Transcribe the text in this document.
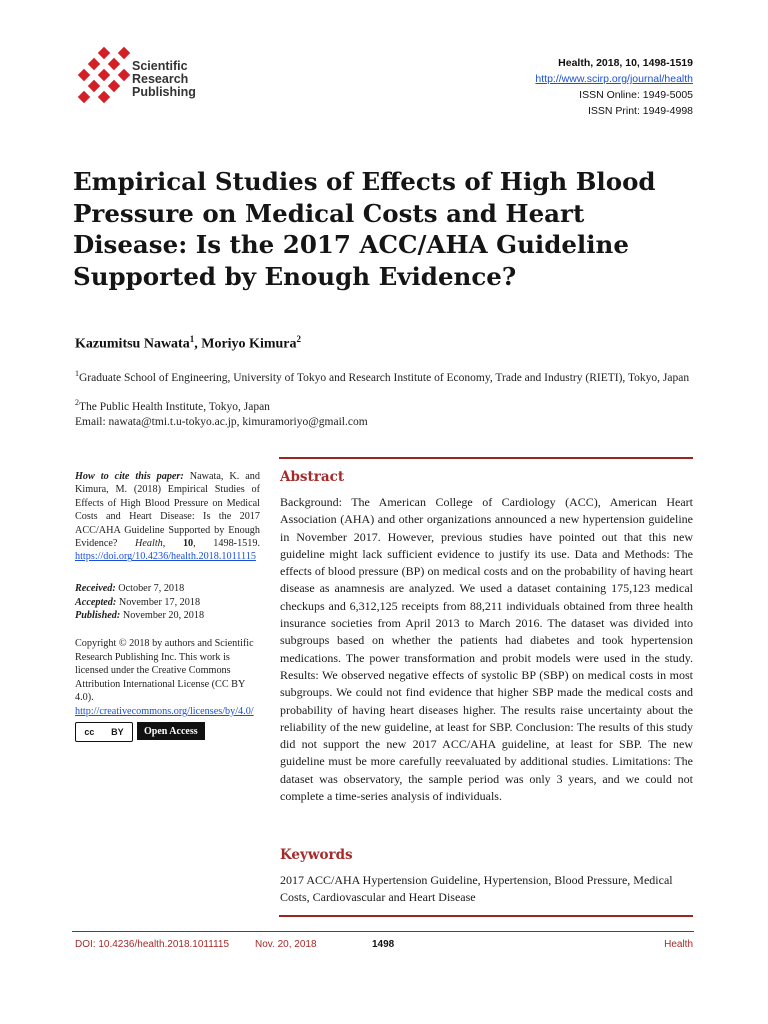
Scientific
Research
Publishing
Health, 2018, 10, 1498-1519
http://www.scirp.org/journal/health
ISSN Online: 1949-5005
ISSN Print: 1949-4998
Empirical Studies of Effects of High Blood Pressure on Medical Costs and Heart Disease: Is the 2017 ACC/AHA Guideline Supported by Enough Evidence?
Kazumitsu Nawata$^1$, Moriyo Kimura$^2$
$^1$Graduate School of Engineering, University of Tokyo and Research Institute of Economy, Trade and Industry (RIETI), Tokyo, Japan
$^2$The Public Health Institute, Tokyo, Japan
Email: nawata@tmi.t.u-tokyo.ac.jp, kimuramoriyo@gmail.com
How to cite this paper: Nawata, K. and Kimura, M. (2018) Empirical Studies of Effects of High Blood Pressure on Medical Costs and Heart Disease: Is the 2017 ACC/AHA Guideline Supported by Enough Evidence? Health, 10, 1498-1519. https://doi.org/10.4236/health.2018.1011115
Received: October 7, 2018
Accepted: November 17, 2018
Published: November 20, 2018
Copyright © 2018 by authors and Scientific Research Publishing Inc. This work is licensed under the Creative Commons Attribution International License (CC BY 4.0). http://creativecommons.org/licenses/by/4.0/
cc BY	Open Access
Abstract

Background: The American College of Cardiology (ACC), American Heart Association (AHA) and other organizations announced a new hypertension guideline in November 2017. However, previous studies have pointed out that this new guideline might lack sufficient evidence to justify its use. Data and Methods: The effects of blood pressure (BP) on medical costs and on the probability of having heart disease as anamnesis are analyzed. We used a dataset containing 175,123 medical checkups and 6,312,125 receipts from 88,211 individuals obtained from three health insurance societies from April 2013 to March 2016. The dataset was divided into subgroups based on whether the patients had diabetes and took hypertension medications. The power transformation and probit models were used in the study. Results: We observed negative effects of systolic BP (SBP) on medical costs in most subgroups. We could not find evidence that higher SBP made the medical costs and probability of having heart diseases higher. The results raise uncertainty about the reliability of the new guideline, at least for SBP. Conclusion: The results of this study did not support the new 2017 ACC/AHA guideline, at least for SBP. The new guideline must be more carefully reevaluated by additional studies. Limitations: The dataset was observatory, the sample period was only 3 years, and we could not complete a time-series analysis of individuals.

Keywords

2017 ACC/AHA Hypertension Guideline, Hypertension, Blood Pressure, Medical Costs, Cardiovascular and Heart Disease

DOI: 10.4236/health.2018.1011115	Nov. 20, 2018	1498	Health
